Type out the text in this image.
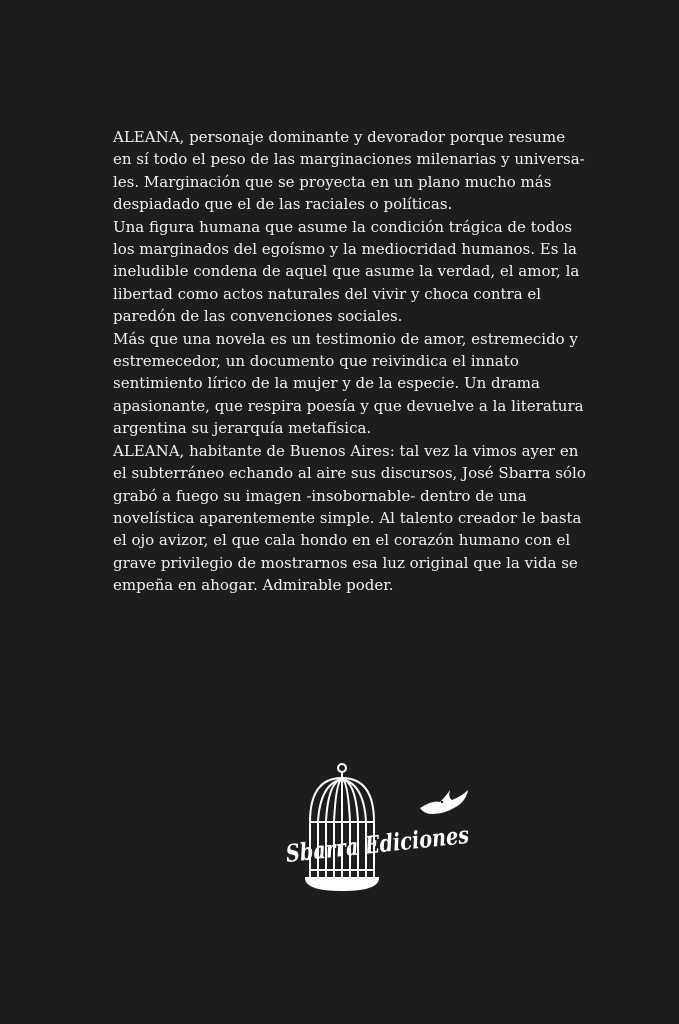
ALEANA, personaje dominante y devorador porque resume

en sí todo el peso de las marginaciones milenarias y universa-

les. Marginación que se proyecta en un plano mucho más

despiadado que el de las raciales o políticas.

Una figura humana que asume la condición trágica de todos

los marginados del egoísmo y la mediocridad humanos. Es la

ineludible condena de aquel que asume la verdad, el amor, la

libertad como actos naturales del vivir y choca contra el

paredón de las convenciones sociales.

Más que una novela es un testimonio de amor, estremecido y

estremecedor, un documento que reivindica el innato

sentimiento lírico de la mujer y de la especie. Un drama

apasionante, que respira poesía y que devuelve a la literatura

argentina su jerarquía metafísica.

ALEANA, habitante de Buenos Aires: tal vez la vimos ayer en

el subterráneo echando al aire sus discursos, José Sbarra sólo

grabó a fuego su imagen -insobornable- dentro de una

novelística aparentemente simple. Al talento creador le basta

el ojo avizor, el que cala hondo en el corazón humano con el

grave privilegio de mostrarnos esa luz original que la vida se

empeña en ahogar. Admirable poder.

Sbarra Ediciones
